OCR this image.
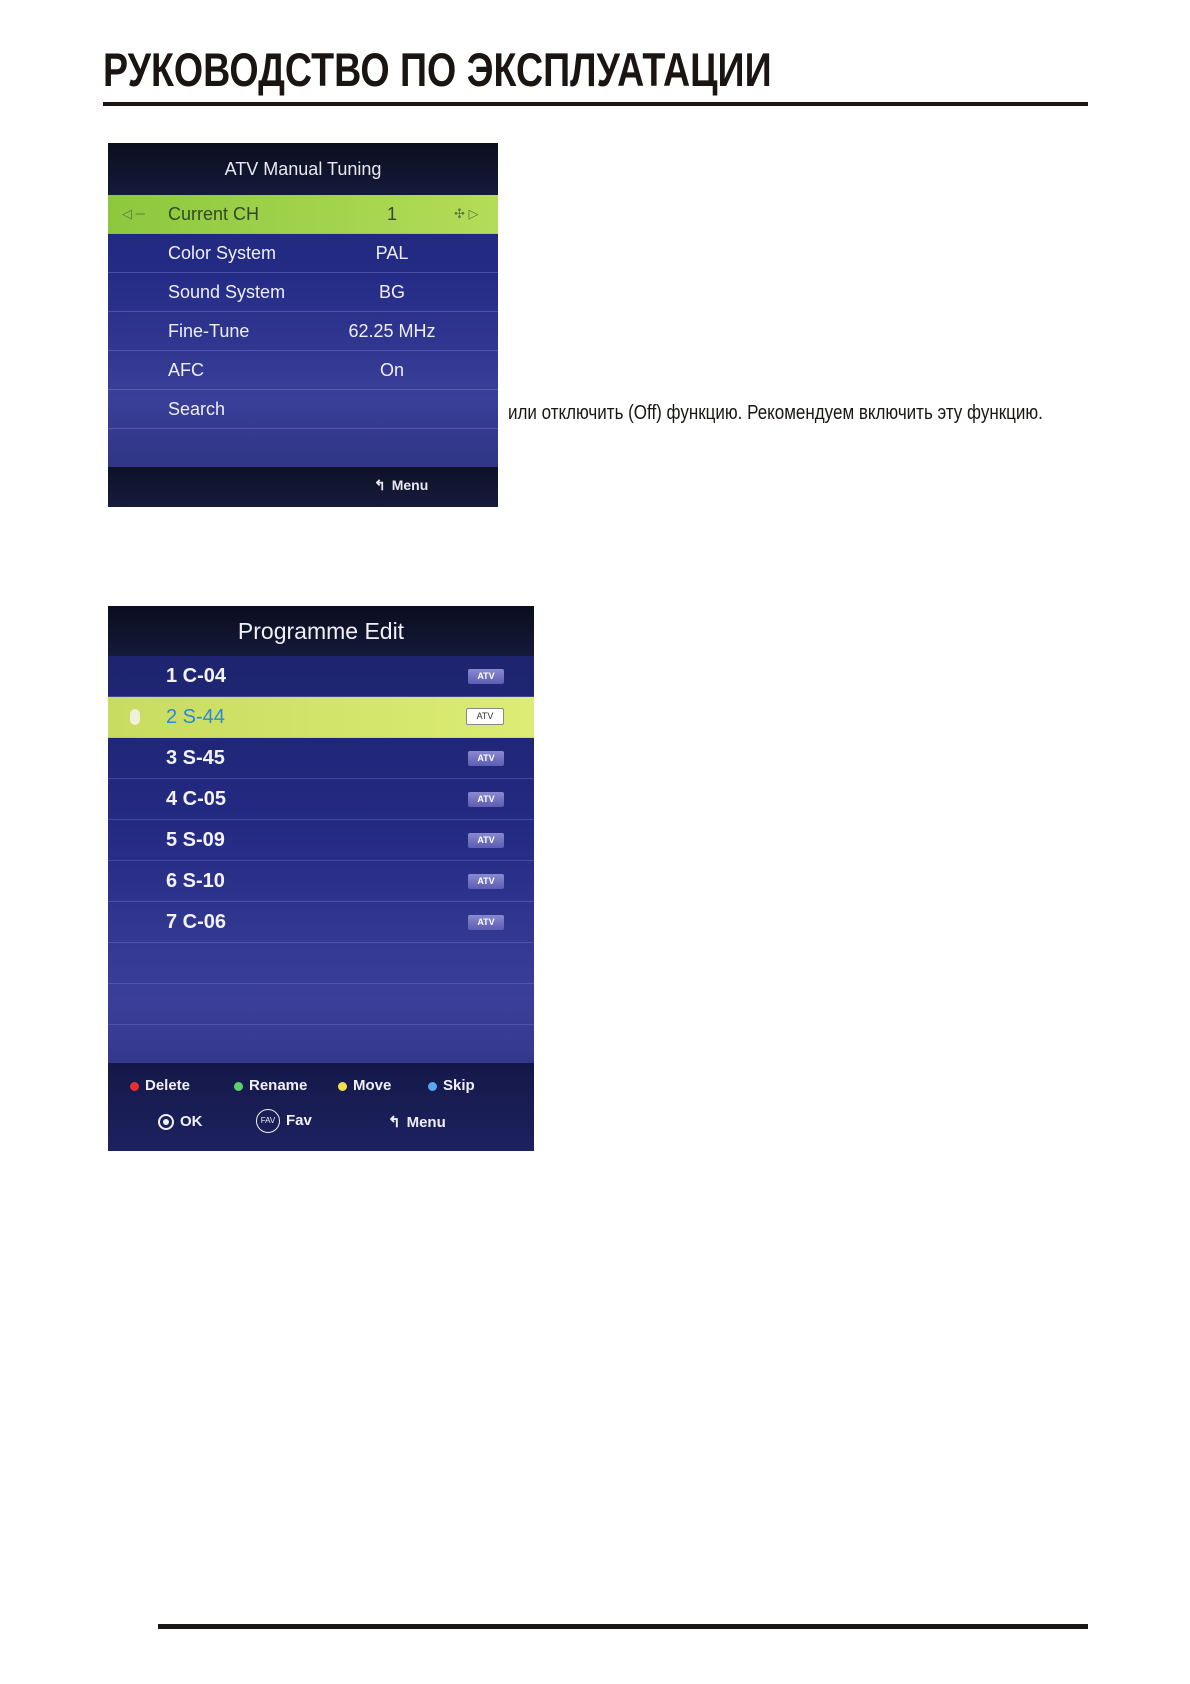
РУКОВОДСТВО ПО ЭКСПЛУАТАЦИИ
ATV Manual Tuning
◁ ─ Current CH	1	✣ ▷
Color System	PAL
Sound System	BG
Fine-Tune	62.25 MHz
AFC	On
Search
↰ Menu
или отключить (Off) функцию. Рекомендуем включить эту функцию.
Programme Edit
1 C-04	ATV
2 S-44	ATV
3 S-45	ATV
4 C-05	ATV
5 S-09	ATV
6 S-10	ATV
7 C-06	ATV
Delete	Rename	Move	Skip
OK	FAV Fav	↰ Menu
